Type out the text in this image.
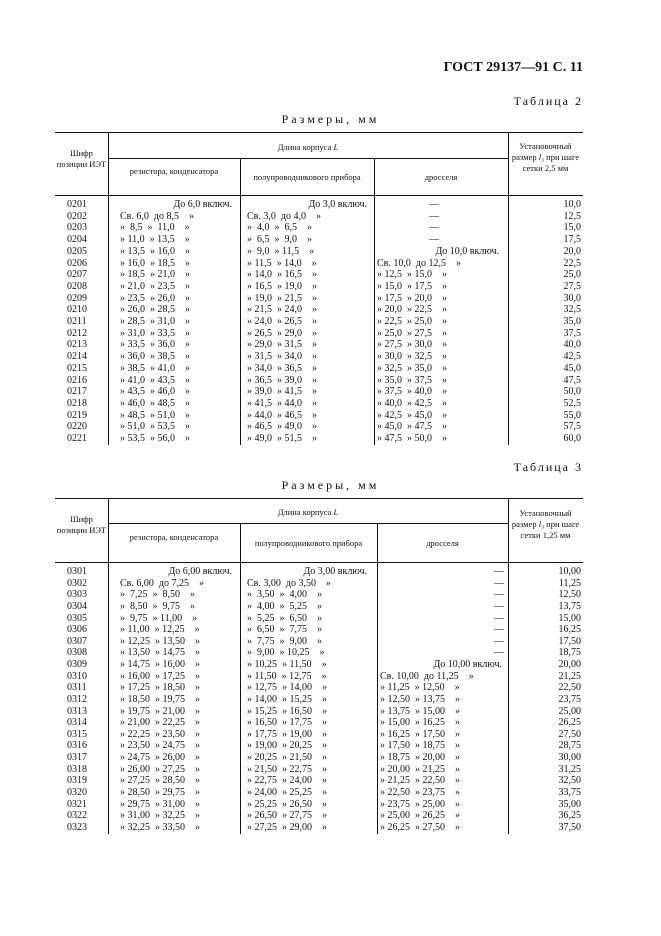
ГОСТ 29137—91 С. 11
Таблица 2
Размеры, мм
Шифр позиции ИЭТ
Длина корпуса L
резистора, конденсатора
полупроводникового прибора	дросселя
Установочный размер l₃ при шаге сетки 2,5 мм
0201	До 6,0 включ.	До 3,0 включ.	—	10,0
0202	Св. 6,0  до 8,5    »	Св. 3,0  до 4,0    »	—	12,5
0203	»  8,5  »  11,0    »	»  4,0  »  6,5    »	—	15,0
0204	» 11,0  » 13,5    »	»  6,5  »  9,0    »	—	17,5
0205	» 13,5  » 16,0    »	»  9,0  » 11,5    »	До 10,0 включ.	20,0
0206	» 16,0  » 18,5    »	» 11,5  » 14,0    »	Св. 10,0  до 12,5    »	22,5
0207	» 18,5  » 21,0    »	» 14,0  » 16,5    »	» 12,5  » 15,0    »	25,0
0208	» 21,0  » 23,5    »	» 16,5  » 19,0    »	» 15,0  » 17,5    »	27,5
0209	» 23,5  » 26,0    »	» 19,0  » 21,5    »	» 17,5  » 20,0    »	30,0
0210	» 26,0  » 28,5    »	» 21,5  » 24,0    »	» 20,0  » 22,5    »	32,5
0211	» 28,5  » 31,0    »	» 24,0  » 26,5    »	» 22,5  » 25,0    »	35,0
0212	» 31,0  » 33,5    »	» 26,5  » 29,0    »	» 25,0  » 27,5    »	37,5
0213	» 33,5  » 36,0    »	» 29,0  » 31,5    »	» 27,5  » 30,0    »	40,0
0214	» 36,0  » 38,5    »	» 31,5  » 34,0    »	» 30,0  » 32,5    »	42,5
0215	» 38,5  » 41,0    »	» 34,0  » 36,5    »	» 32,5  » 35,0    »	45,0
0216	» 41,0  » 43,5    »	» 36,5  » 39,0    »	» 35,0  » 37,5    »	47,5
0217	» 43,5  » 46,0    »	» 39,0  » 41,5    »	» 37,5  » 40,0    »	50,0
0218	» 46,0  » 48,5    »	» 41,5  » 44,0    »	» 40,0  » 42,5    »	52,5
0219	» 48,5  » 51,0    »	» 44,0  » 46,5    »	» 42,5  » 45,0    »	55,0
0220	» 51,0  » 53,5    »	» 46,5  » 49,0    »	» 45,0  » 47,5    »	57,5
0221	» 53,5  » 56,0    »	» 49,0  » 51,5    »	» 47,5  » 50,0    »	60,0
Таблица 3
Размеры, мм
Шифр позиции ИЭТ
Длина корпуса L
резистора, конденсатора
полупроводникового прибора	дросселя
Установочный размер l₃ при шаге сетки 1,25 мм
0301	До 6,00 включ.	До 3,00 включ.	—	10,00
0302	Св. 6,00  до 7,25    »	Св. 3,00  до 3,50    »	—	11,25
0303	»  7,25  »  8,50    »	»  3,50  »  4,00    »	—	12,50
0304	»  8,50  »  9,75    »	»  4,00  »  5,25    »	—	13,75
0305	»  9,75  » 11,00    »	»  5,25  »  6,50    »	—	15,00
0306	» 11,00  » 12,25    »	»  6,50  »  7,75    »	—	16,25
0307	» 12,25  » 13,50    »	»  7,75  »  9,00    »	—	17,50
0308	» 13,50  » 14,75    »	»  9,00  » 10,25    »	—	18,75
0309	» 14,75  » 16,00    »	» 10,25  » 11,50    »	До 10,00 включ.	20,00
0310	» 16,00  » 17,25    »	» 11,50  » 12,75    »	Св. 10,00  до 11,25    »	21,25
0311	» 17,25  » 18,50    »	» 12,75  » 14,00    »	» 11,25  » 12,50    »	22,50
0312	» 18,50  » 19,75    »	» 14,00  » 15,25    »	» 12,50  » 13,75    »	23,75
0313	» 19,75  » 21,00    »	» 15,25  » 16,50    »	» 13,75  » 15,00    »	25,00
0314	» 21,00  » 22,25    »	» 16,50  » 17,75    »	» 15,00  » 16,25    »	26,25
0315	» 22,25  » 23,50    »	» 17,75  » 19,00    »	» 16,25  » 17,50    »	27,50
0316	» 23,50  » 24,75    »	» 19,00  » 20,25    »	» 17,50  » 18,75    »	28,75
0317	» 24,75  » 26,00    »	» 20,25  » 21,50    »	» 18,75  » 20,00    »	30,00
0318	» 26,00  » 27,25    »	» 21,50  » 22,75    »	» 20,00  » 21,25    »	31,25
0319	» 27,25  » 28,50    »	» 22,75  » 24,00    »	» 21,25  » 22,50    »	32,50
0320	» 28,50  » 29,75    »	» 24,00  » 25,25    »	» 22,50  » 23,75    »	33,75
0321	» 29,75  » 31,00    »	» 25,25  » 26,50    »	» 23,75  » 25,00    »	35,00
0322	» 31,00  » 32,25    »	» 26,50  » 27,75    »	» 25,00  » 26,25    »	36,25
0323	» 32,25  » 33,50    »	» 27,25  » 29,00    »	» 26,25  » 27,50    »	37,50
